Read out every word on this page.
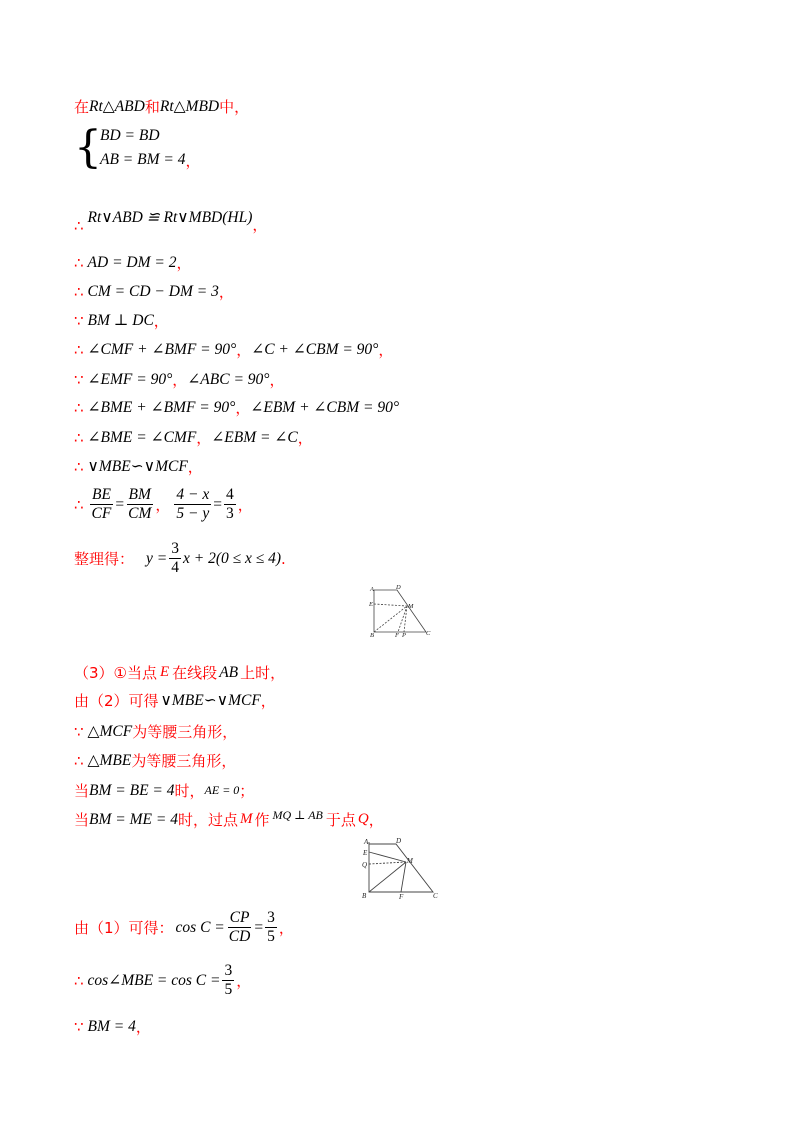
在 Rt△ABD 和 Rt△MBD 中，
{
BD = BD
AB = BM = 4 ，
∴ Rt∨ABD ≌ Rt∨MBD(HL) ，
∴ AD = DM = 2 ，
∴ CM = CD − DM = 3 ，
∵ BM ⊥ DC ，
∴ ∠CMF + ∠BMF = 90° ， ∠C + ∠CBM = 90° ，
∵ ∠EMF = 90° ， ∠ABC = 90° ，
∴ ∠BME + ∠BMF = 90° ， ∠EBM + ∠CBM = 90°
∴ ∠BME = ∠CMF ， ∠EBM = ∠C ，
∴ ∨MBE∽∨MCF ，
∴ $\frac{BE}{CF} = \frac{BM}{CM}$ ， $\frac{4 - x}{5 - y} = \frac{4}{3}$ ，
整理得： $y = \frac{3}{4}$ x + 2(0 ≤ x ≤ 4) .
A	D
E	M
B	F P	C
（3）①当点 E 在线段 AB 上时，
由（2）可得 ∨MBE∽∨MCF ，
∵ △MCF 为等腰三角形，
∴ △MBE 为等腰三角形，
当 BM = BE = 4 时， AE = 0 ；
当 BM = ME = 4 时，过点 M 作 MQ ⊥ AB 于点 Q ，
A	D
E
Q	M
B	F	C
由（1）可得： $\cos C = \frac{CP}{CD} = \frac{3}{5}$ ，
∴ cos∠MBE = $\cos C = \frac{3}{5}$ ，
∵ BM = 4 ，
